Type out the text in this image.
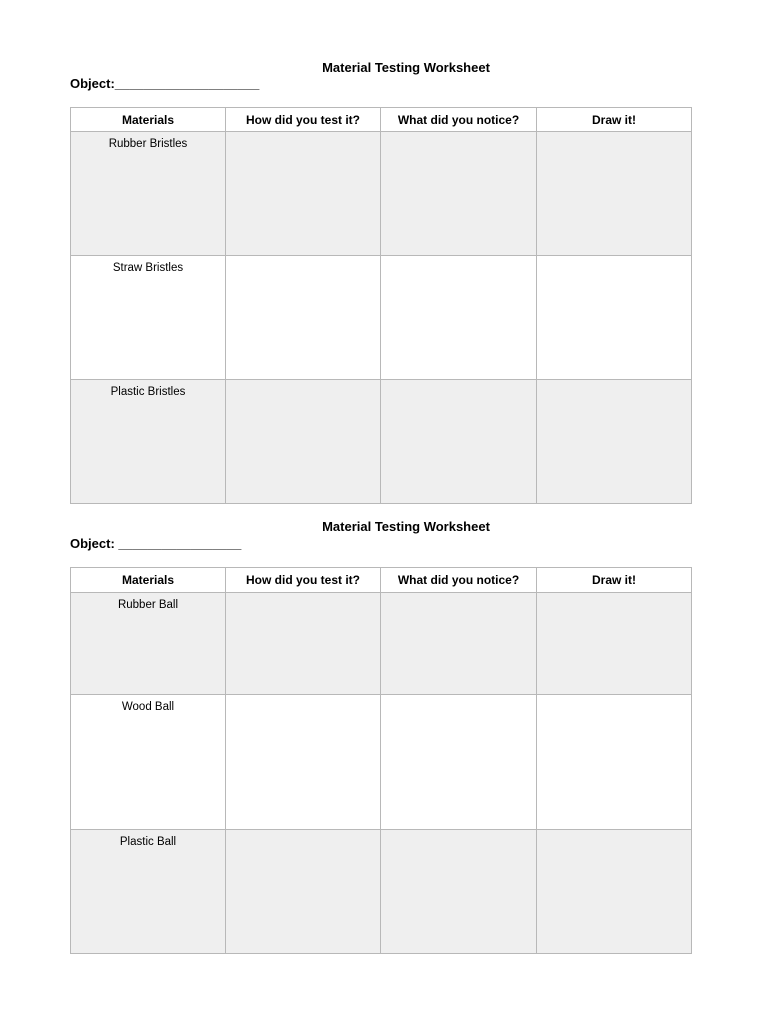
Material Testing Worksheet
Object:____________________
Materials	How did you test it?	What did you notice?	Draw it!
Rubber Bristles			
Straw Bristles			
Plastic Bristles			
Material Testing Worksheet
Object: _________________
Materials	How did you test it?	What did you notice?	Draw it!
Rubber Ball			
Wood Ball			
Plastic Ball			
